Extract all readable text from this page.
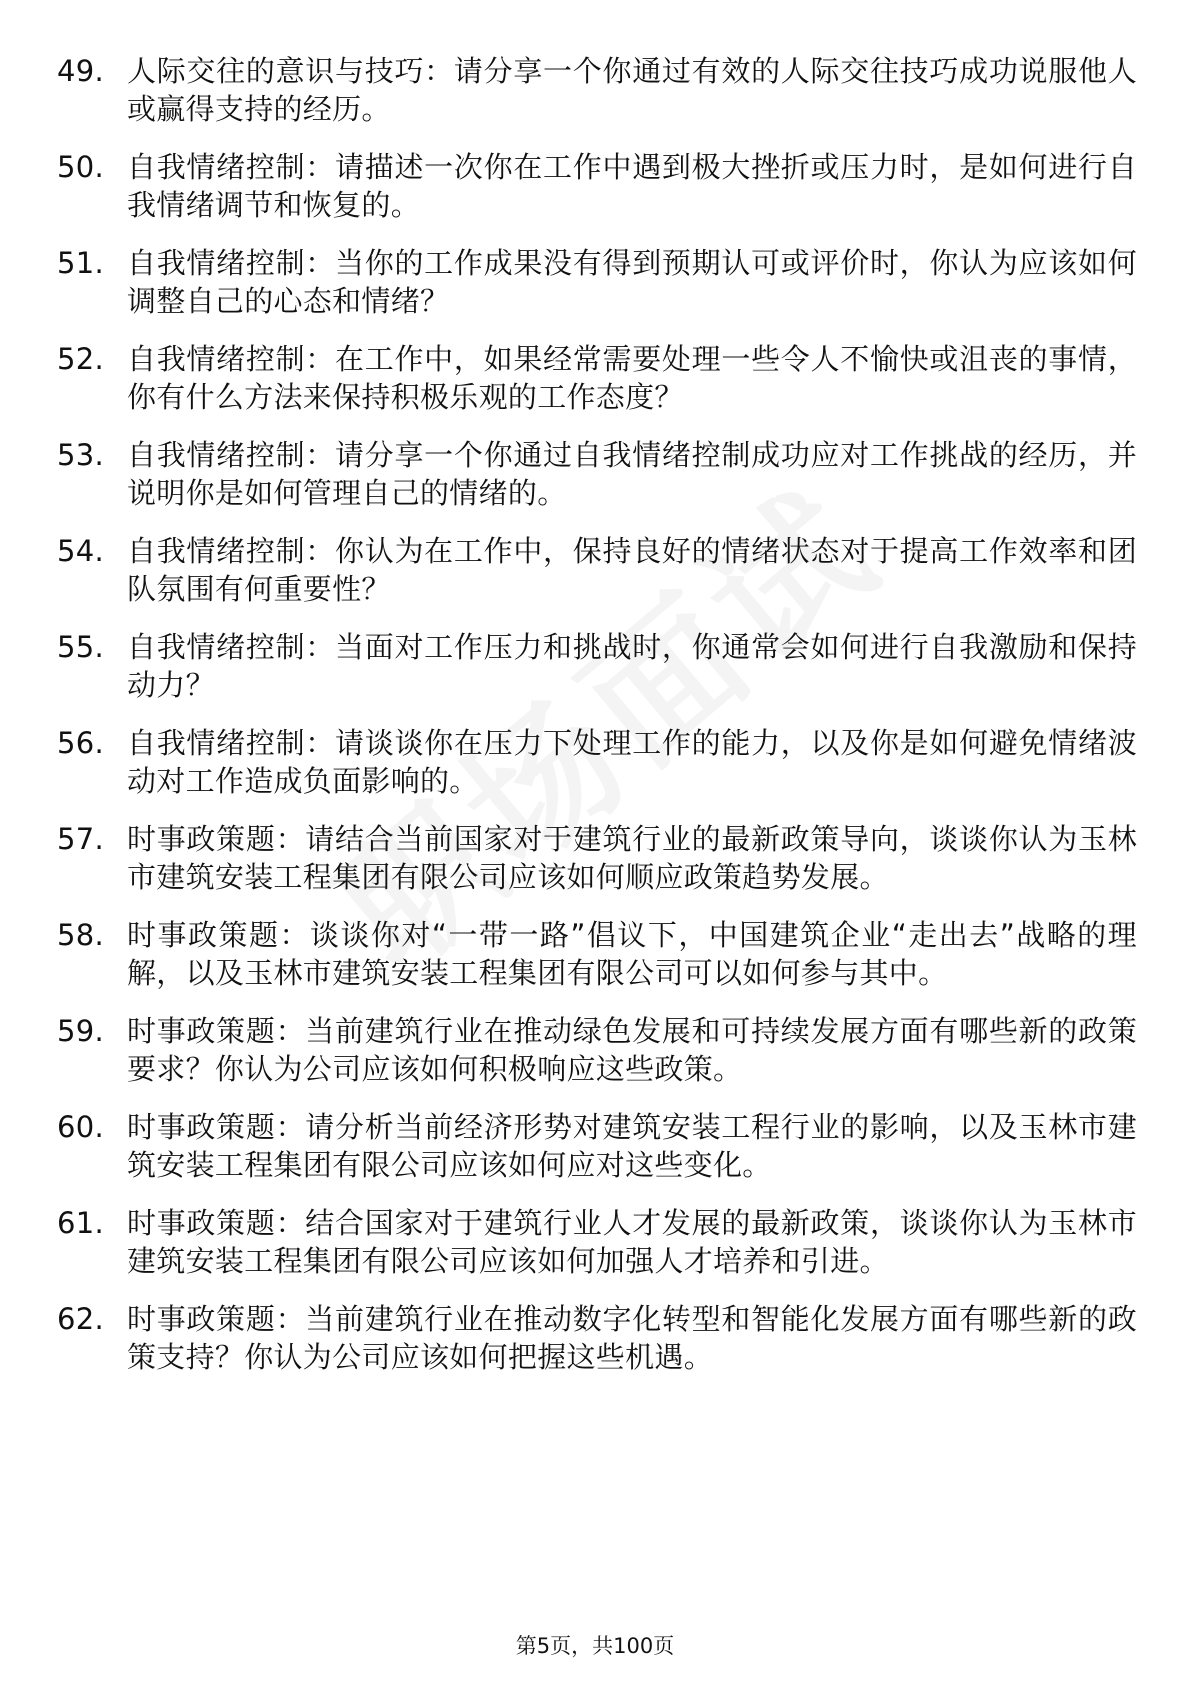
49. 人际交往的意识与技巧：请分享一个你通过有效的人际交往技巧成功说服他人或赢得支持的经历。
50. 自我情绪控制：请描述一次你在工作中遇到极大挫折或压力时，是如何进行自我情绪调节和恢复的。
51. 自我情绪控制：当你的工作成果没有得到预期认可或评价时，你认为应该如何调整自己的心态和情绪？
52. 自我情绪控制：在工作中，如果经常需要处理一些令人不愉快或沮丧的事情，你有什么方法来保持积极乐观的工作态度？
53. 自我情绪控制：请分享一个你通过自我情绪控制成功应对工作挑战的经历，并说明你是如何管理自己的情绪的。
54. 自我情绪控制：你认为在工作中，保持良好的情绪状态对于提高工作效率和团队氛围有何重要性？
55. 自我情绪控制：当面对工作压力和挑战时，你通常会如何进行自我激励和保持动力？
56. 自我情绪控制：请谈谈你在压力下处理工作的能力，以及你是如何避免情绪波动对工作造成负面影响的。
57. 时事政策题：请结合当前国家对于建筑行业的最新政策导向，谈谈你认为玉林市建筑安装工程集团有限公司应该如何顺应政策趋势发展。
58. 时事政策题：谈谈你对“一带一路”倡议下，中国建筑企业“走出去”战略的理解，以及玉林市建筑安装工程集团有限公司可以如何参与其中。
59. 时事政策题：当前建筑行业在推动绿色发展和可持续发展方面有哪些新的政策要求？你认为公司应该如何积极响应这些政策。
60. 时事政策题：请分析当前经济形势对建筑安装工程行业的影响，以及玉林市建筑安装工程集团有限公司应该如何应对这些变化。
61. 时事政策题：结合国家对于建筑行业人才发展的最新政策，谈谈你认为玉林市建筑安装工程集团有限公司应该如何加强人才培养和引进。
62. 时事政策题：当前建筑行业在推动数字化转型和智能化发展方面有哪些新的政策支持？你认为公司应该如何把握这些机遇。
第5页，共100页
